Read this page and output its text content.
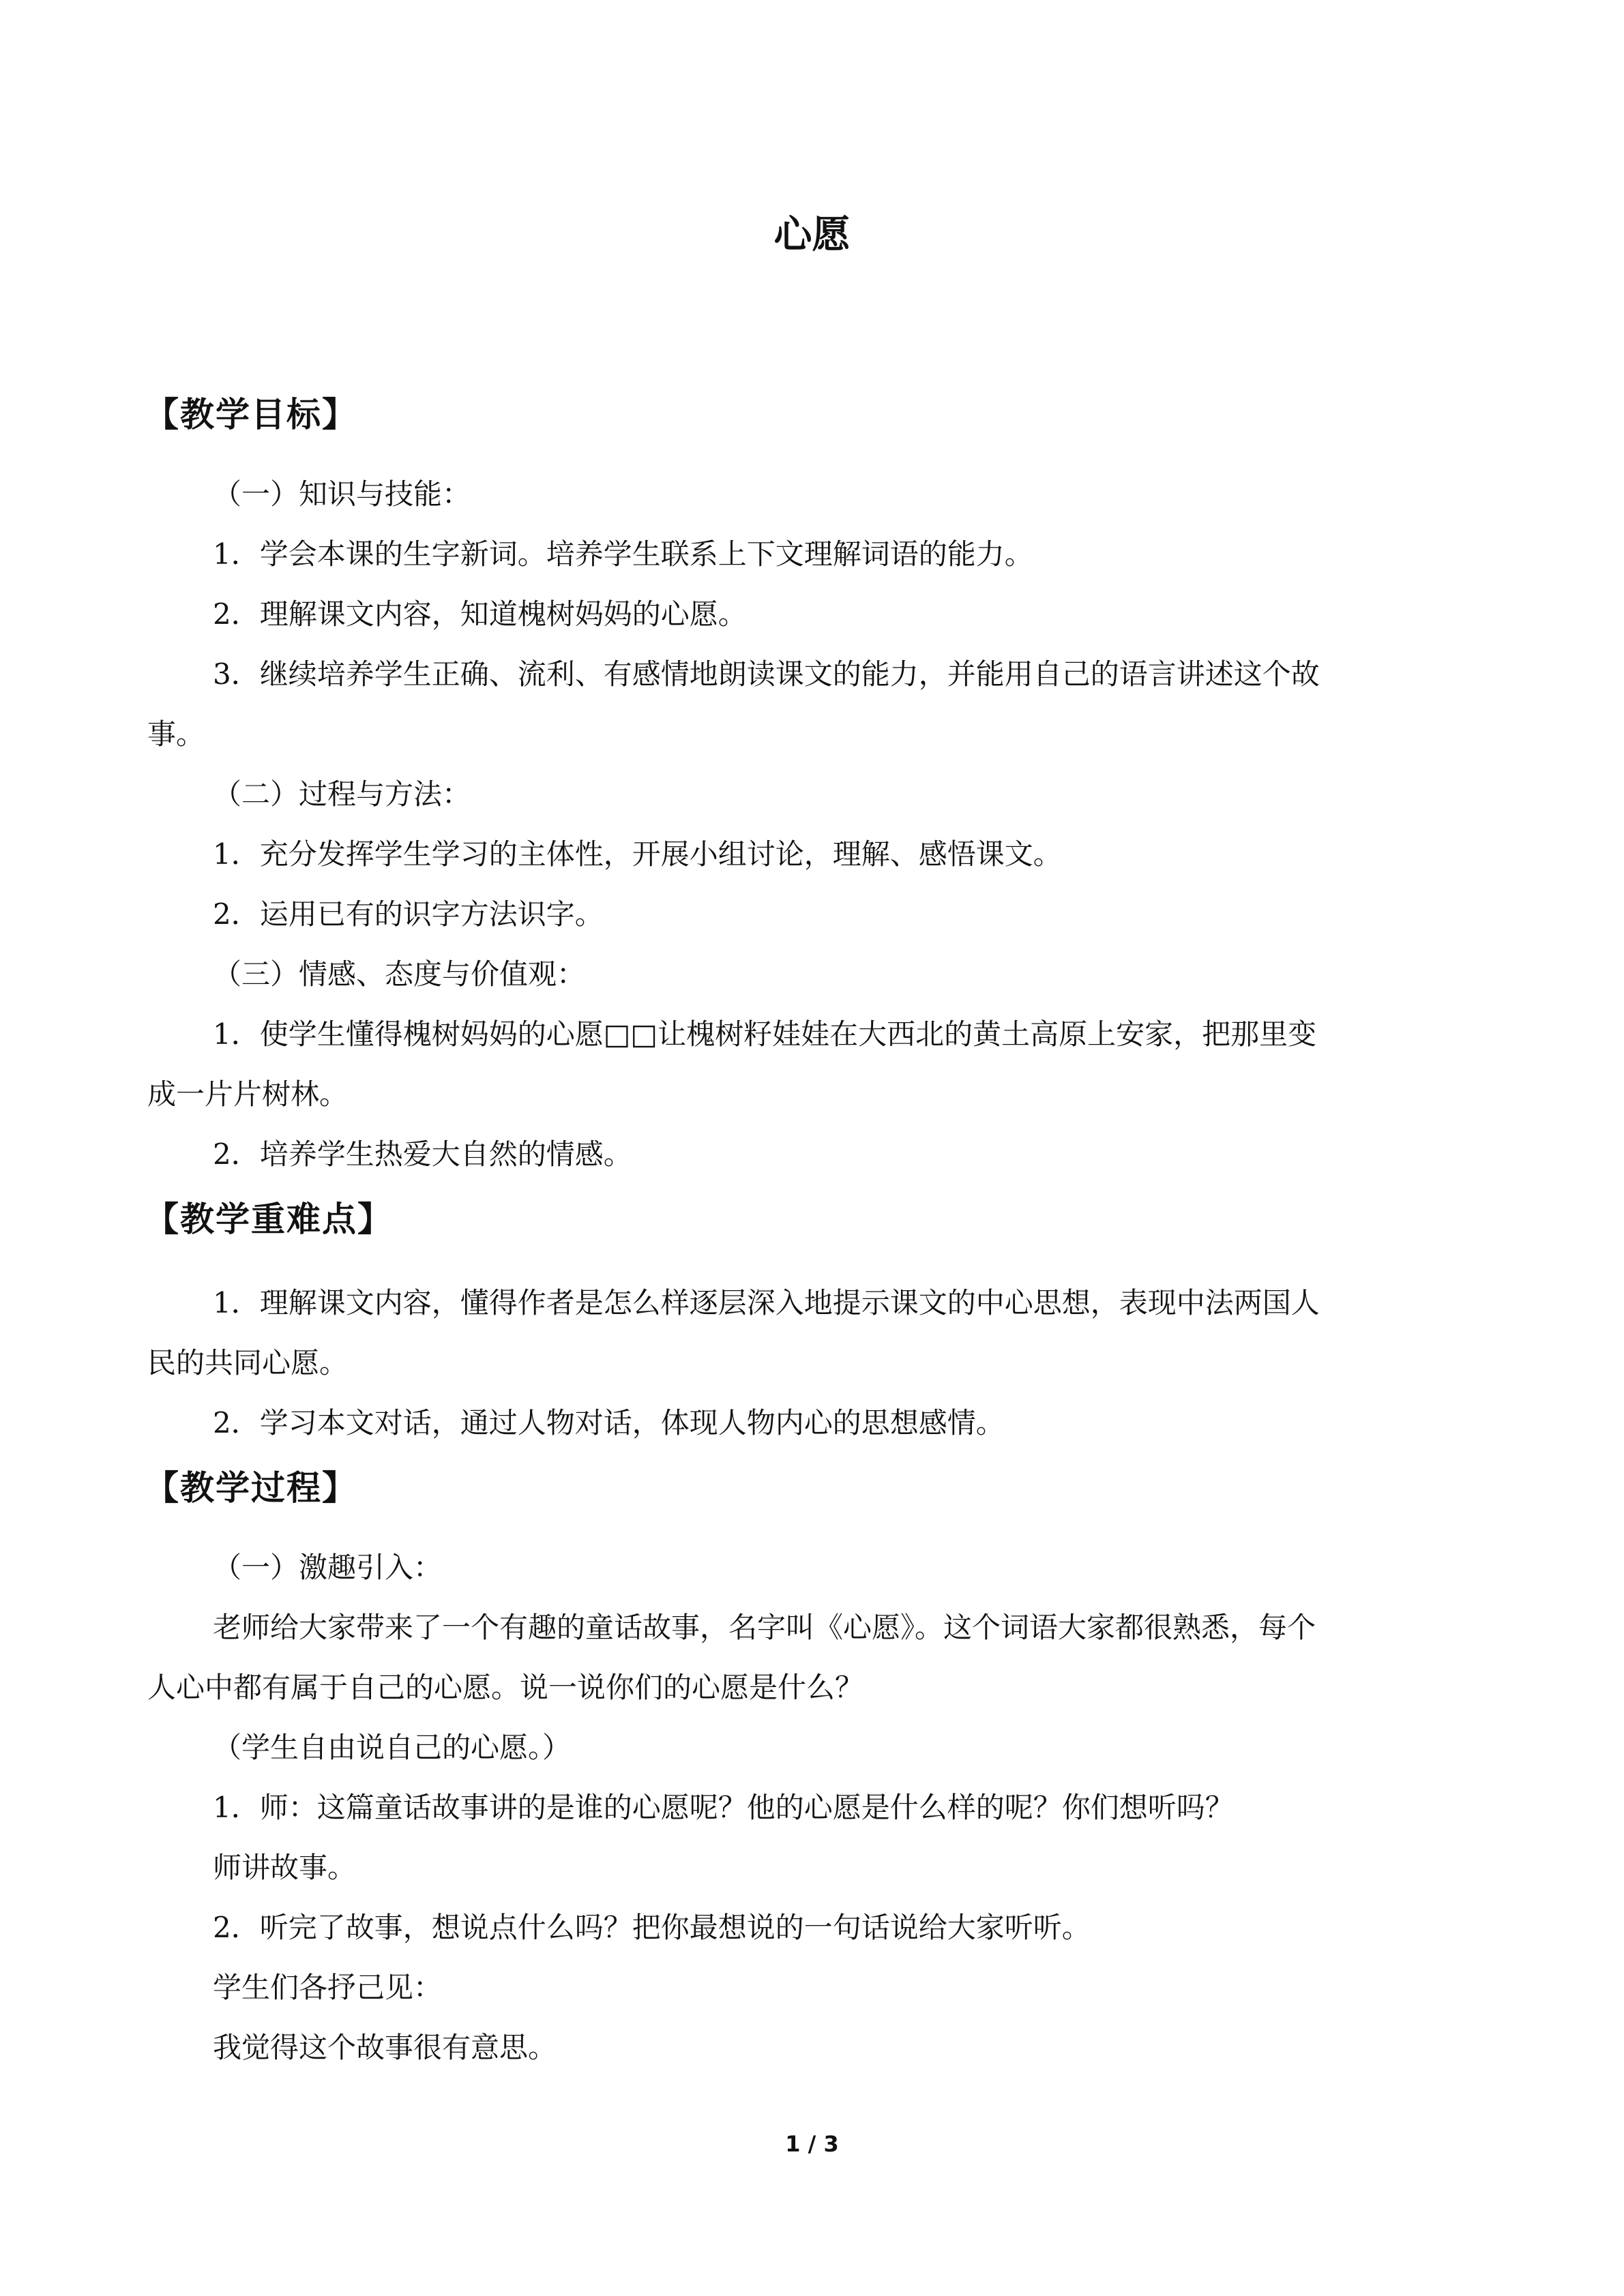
心愿
【教学目标】
（一）知识与技能：
1．学会本课的生字新词。培养学生联系上下文理解词语的能力。
2．理解课文内容，知道槐树妈妈的心愿。
3．继续培养学生正确、流利、有感情地朗读课文的能力，并能用自己的语言讲述这个故
事。
（二）过程与方法：
1．充分发挥学生学习的主体性，开展小组讨论，理解、感悟课文。
2．运用已有的识字方法识字。
（三）情感、态度与价值观：
1．使学生懂得槐树妈妈的心愿□□让槐树籽娃娃在大西北的黄土高原上安家，把那里变
成一片片树林。
2．培养学生热爱大自然的情感。
【教学重难点】
1．理解课文内容，懂得作者是怎么样逐层深入地提示课文的中心思想，表现中法两国人
民的共同心愿。
2．学习本文对话，通过人物对话，体现人物内心的思想感情。
【教学过程】
（一）激趣引入：
老师给大家带来了一个有趣的童话故事，名字叫《心愿》。这个词语大家都很熟悉，每个
人心中都有属于自己的心愿。说一说你们的心愿是什么？
（学生自由说自己的心愿。）
1．师：这篇童话故事讲的是谁的心愿呢？他的心愿是什么样的呢？你们想听吗？
师讲故事。
2．听完了故事，想说点什么吗？把你最想说的一句话说给大家听听。
学生们各抒己见：
我觉得这个故事很有意思。
1 / 3
